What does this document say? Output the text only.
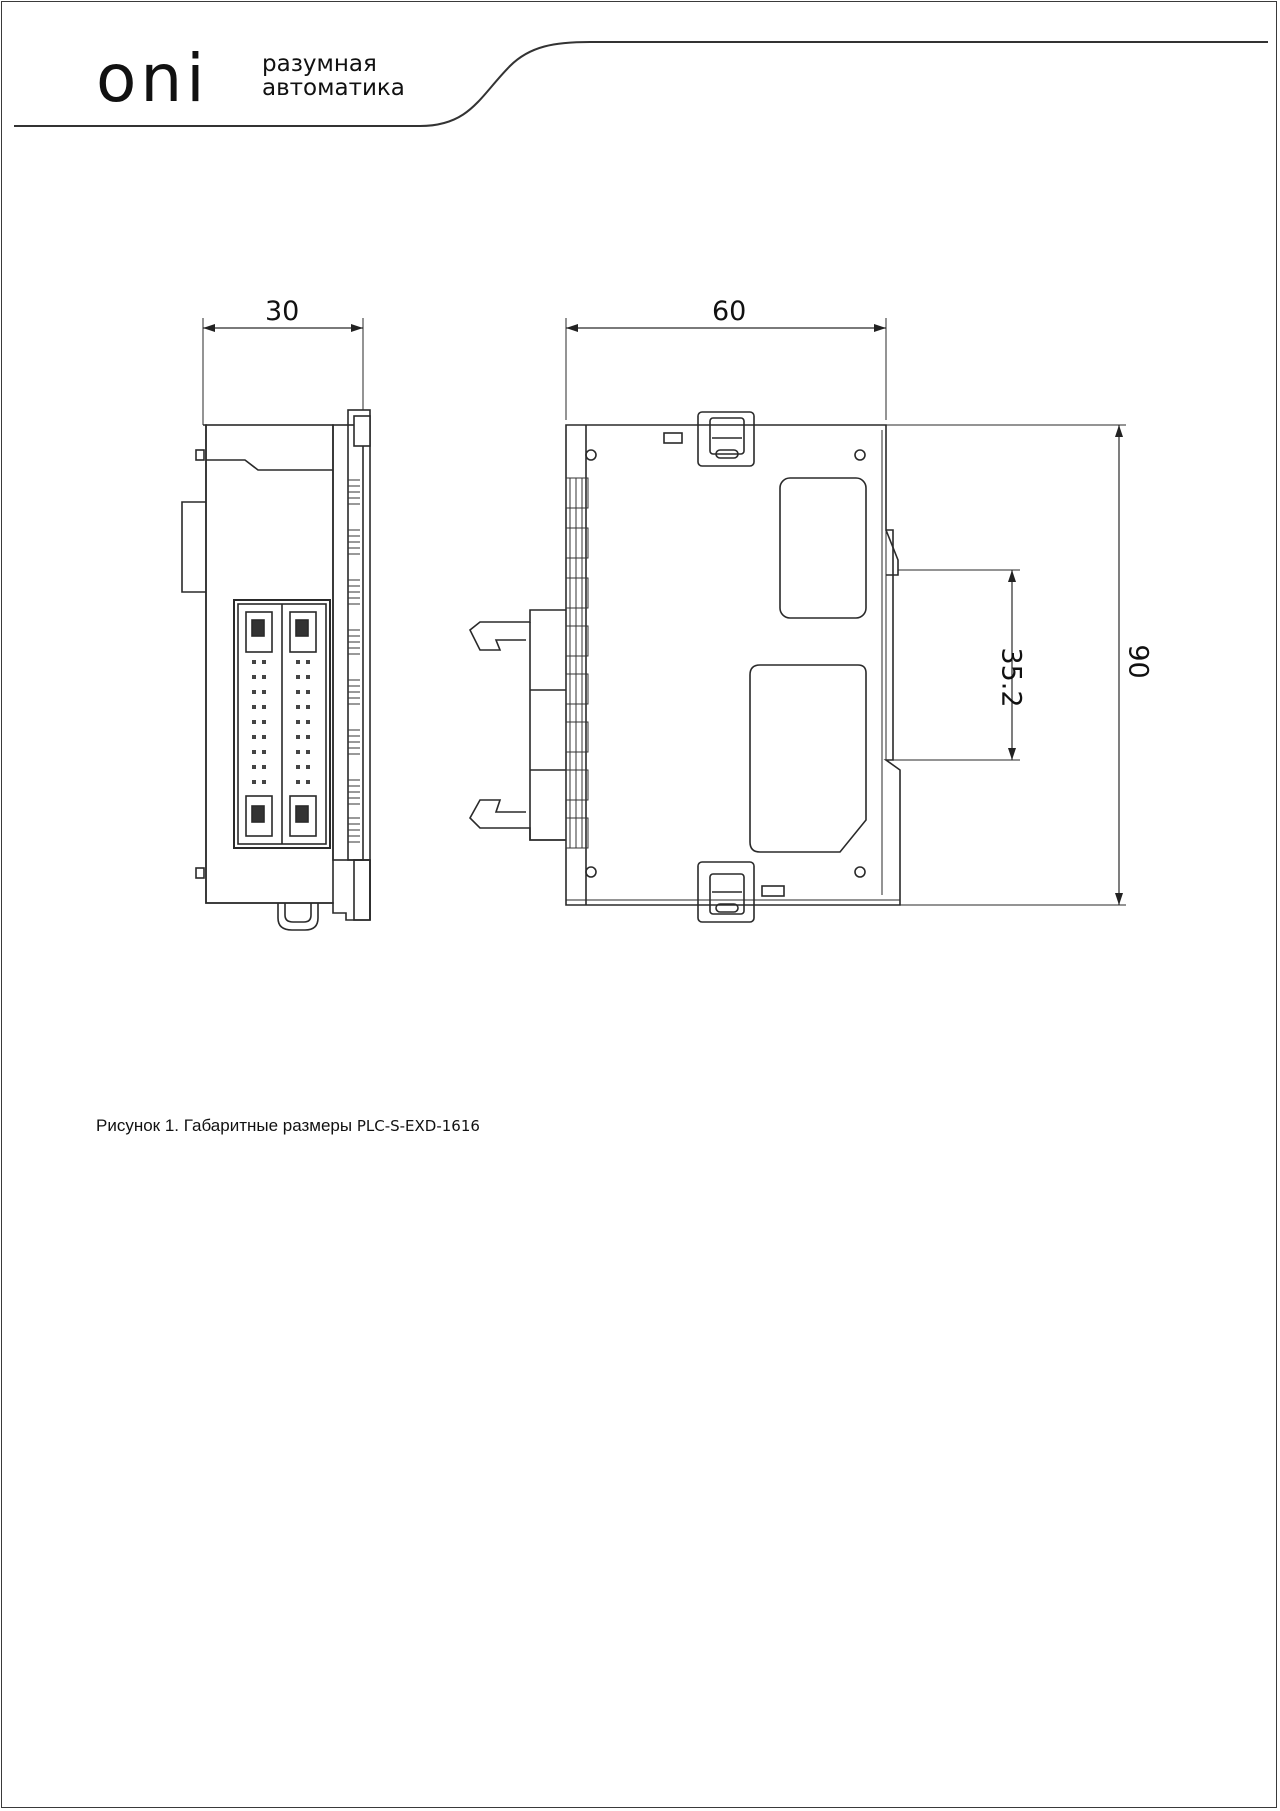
oni разумная
автоматика
30	60
35.2	90
Рисунок 1. Габаритные размеры PLC-S-EXD-1616
